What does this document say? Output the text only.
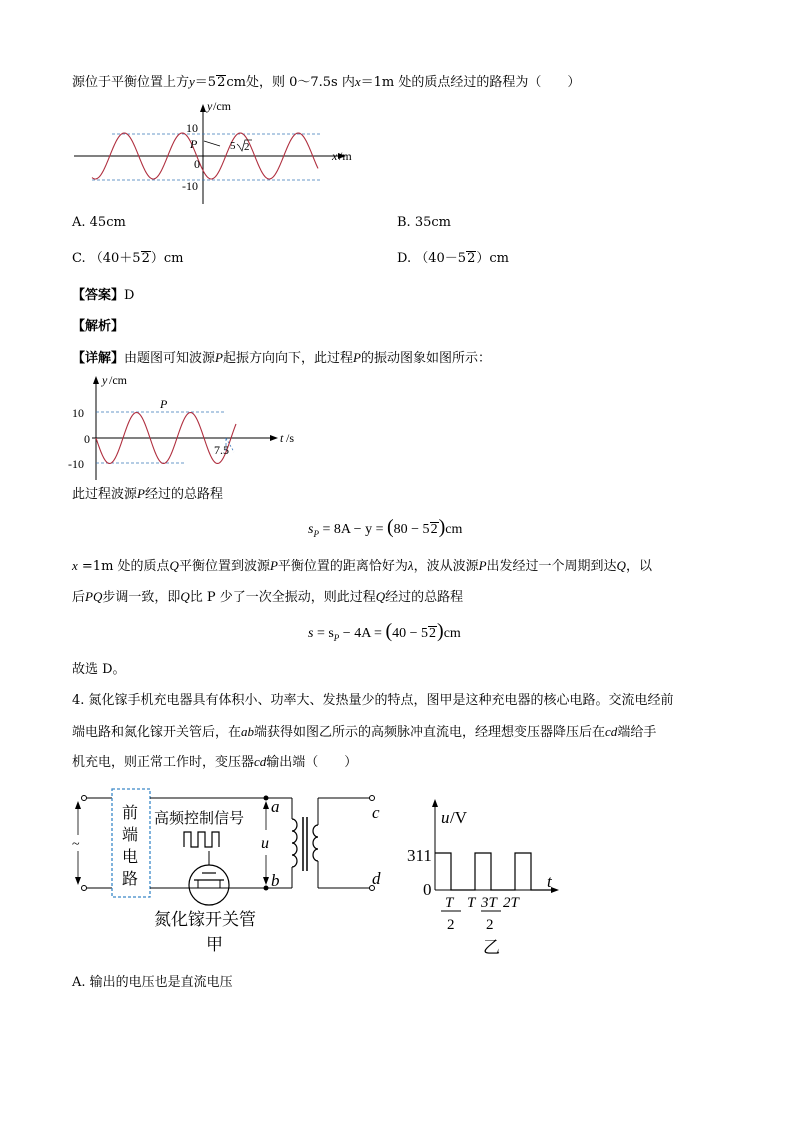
源位于平衡位置上方y＝52cm处，则 0～7.5s 内x＝1m 处的质点经过的路程为（　　）
y /cm
x /m
10
0
-10
P	5 2
A. 45cm	B. 35cm
C. （40＋52）cm	D. （40－52）cm
【答案】D
【解析】
【详解】由题图可知波源P起振方向向下，此过程P的振动图象如图所示：
y /cm
t /s
10
0
-10
P
7.5
此过程波源P经过的总路程
$s_P = 8A - y = (80 - 52)cm$
x =1m 处的质点Q平衡位置到波源P平衡位置的距离恰好为λ，波从波源P出发经过一个周期到达Q，以
后PQ步调一致，即Q比 P 少了一次全振动，则此过程Q经过的总路程
$s = s_P - 4A = (40 - 52)cm$
故选 D。
4. 氮化镓手机充电器具有体积小、功率大、发热量少的特点，图甲是这种充电器的核心电路。交流电经前
端电路和氮化镓开关管后，在ab端获得如图乙所示的高频脉冲直流电，经理想变压器降压后在cd端给手
机充电，则正常工作时，变压器cd输出端（　　）
~
前
端
电
路
a
u
b
高频控制信号	c
d
氮化镓开关管
甲
u /V
311
0	t
T
2
T 3T
2
2T
乙
A. 输出的电压也是直流电压
